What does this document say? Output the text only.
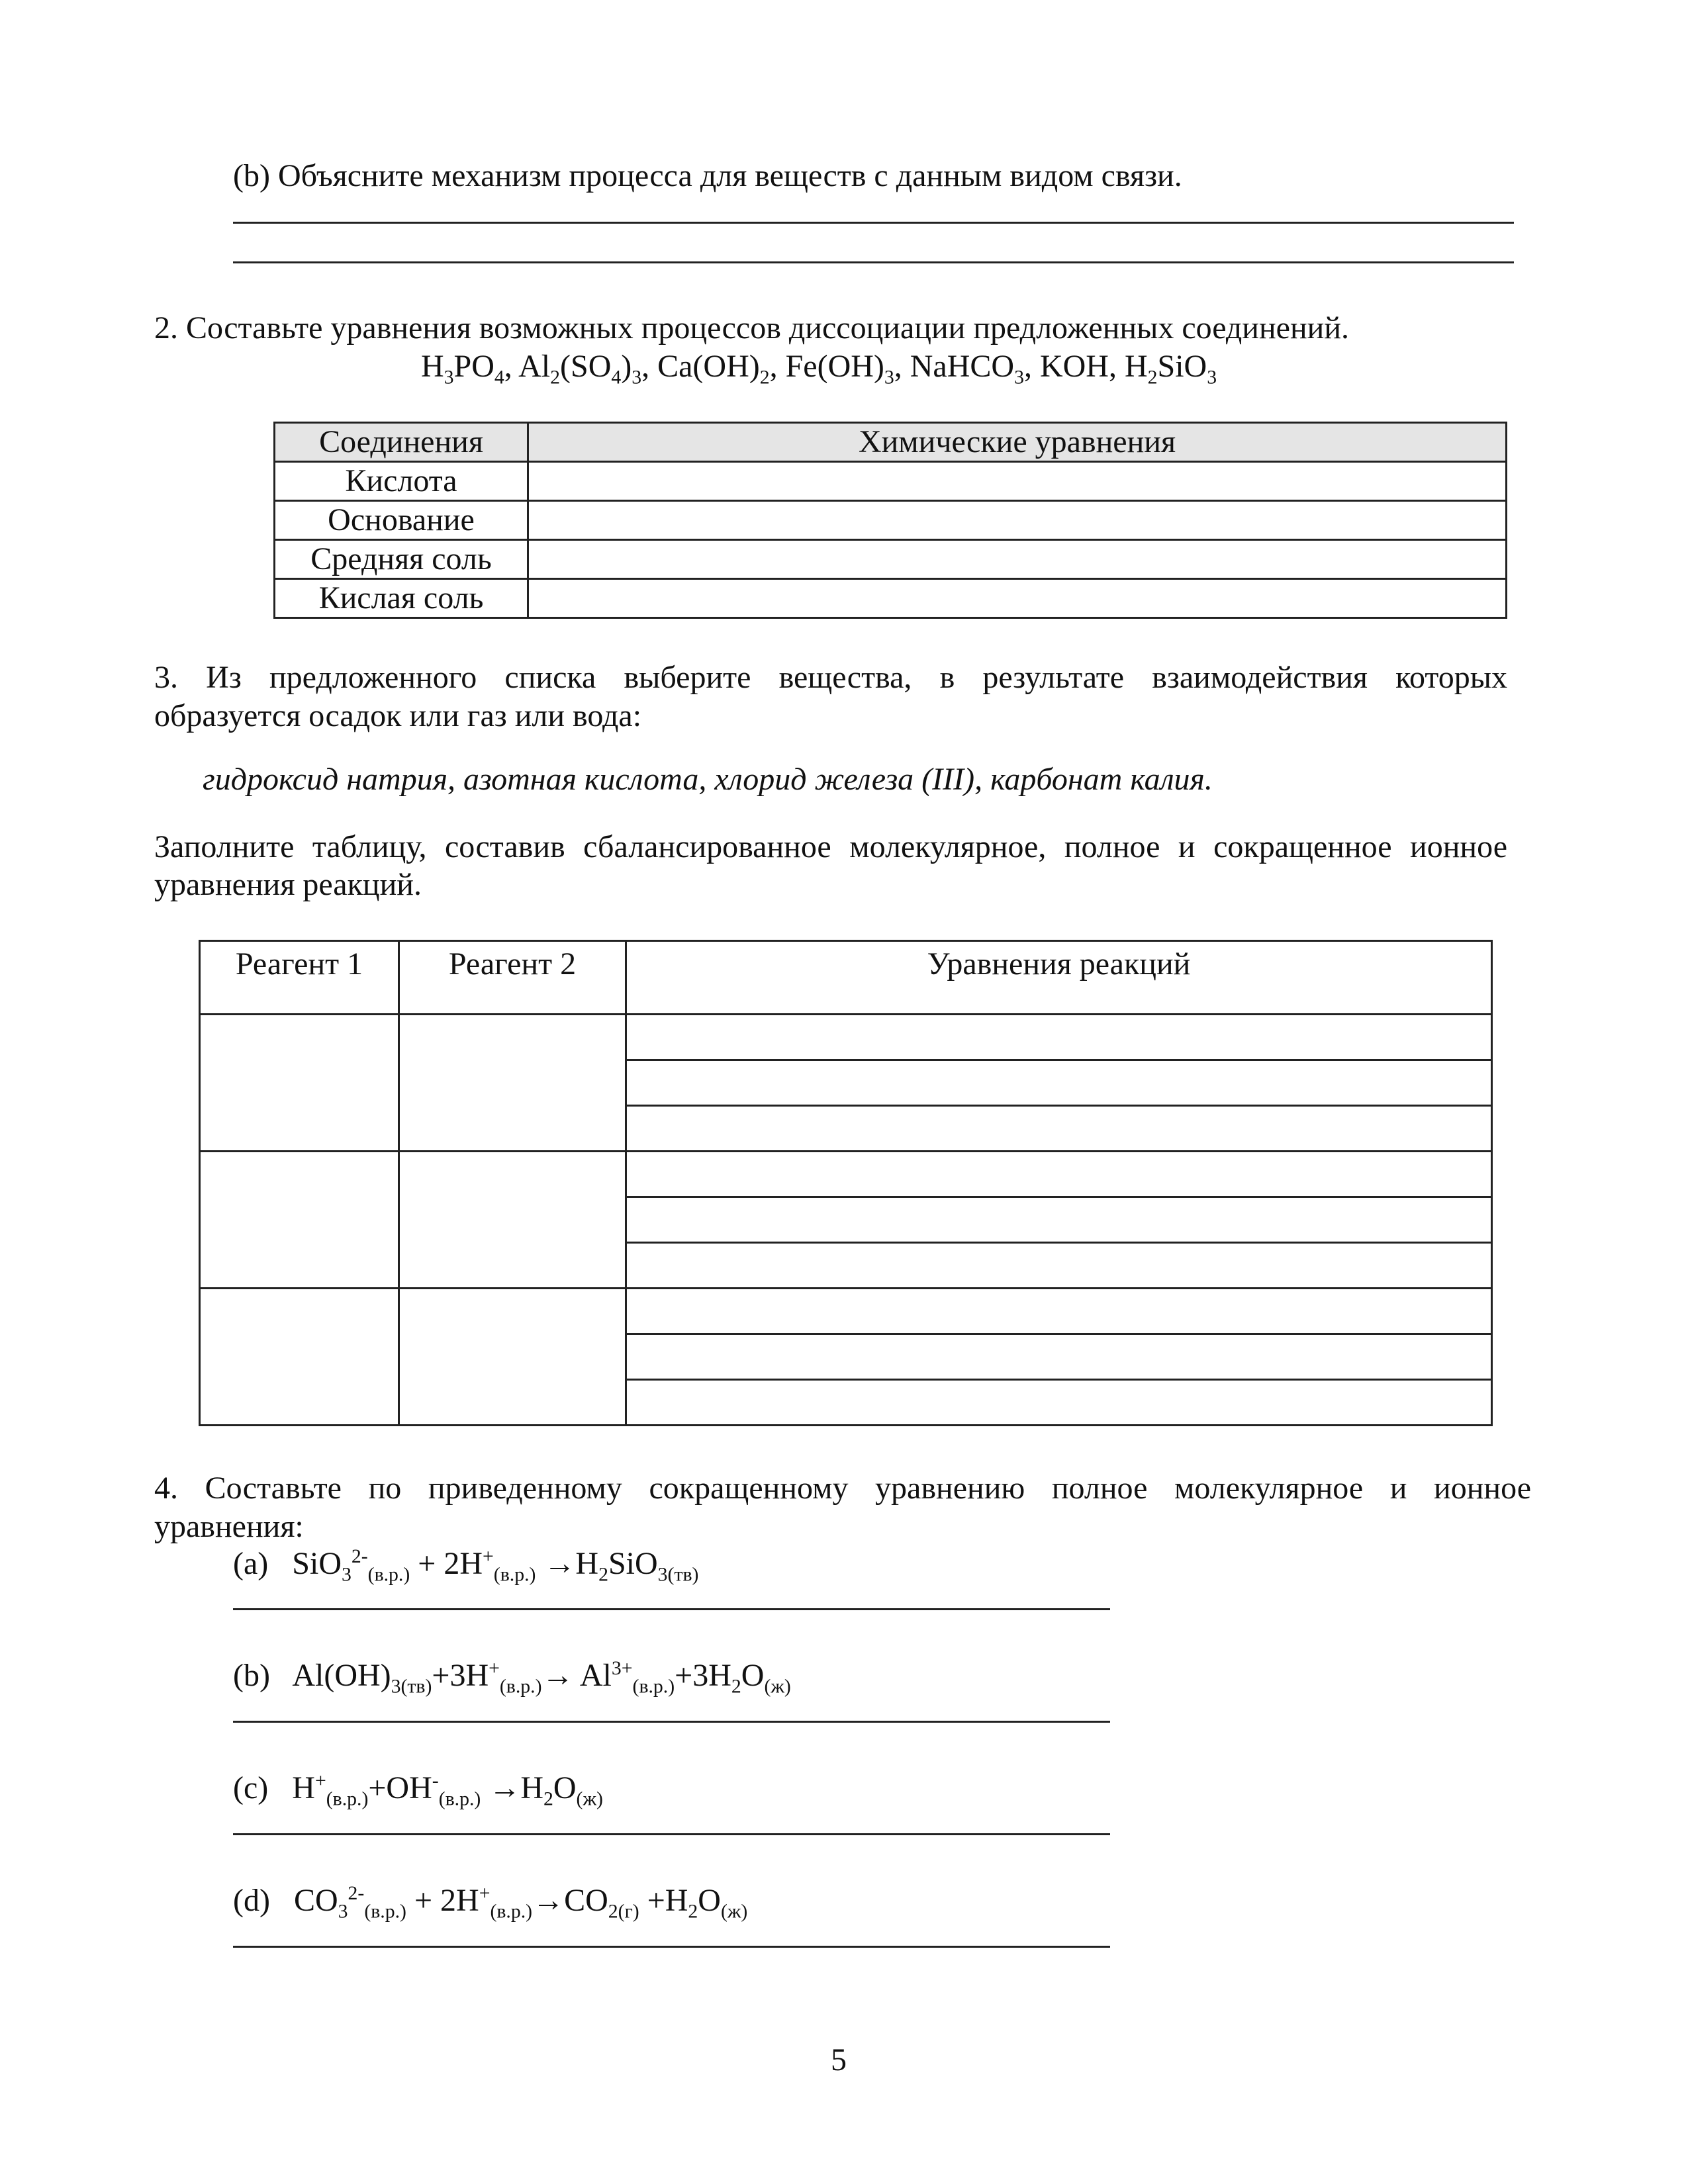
(b) Объясните механизм процесса для веществ с данным видом связи.
2. Составьте уравнения возможных процессов диссоциации предложенных соединений.
$H_3PO_4$, $Al_2(SO_4)_3$, $Ca(OH)_2$, $Fe(OH)_3$, NaHCO$_3$, KOH, $H_2SiO_3$
Соединения	Химические уравнения
Кислота	
Основание	
Средняя соль	
Кислая соль	
3. Из предложенного списка выберите вещества, в результате взаимодействия которых
образуется осадок или газ или вода:
гидроксид натрия, азотная кислота, хлорид железа (III), карбонат калия.
Заполните таблицу, составив сбалансированное молекулярное, полное и сокращенное ионное
уравнения реакций.
Реагент 1	Реагент 2	Уравнения реакций

4. Составьте по приведенному сокращенному уравнению полное молекулярное и ионное
уравнения:
(a) $SiO_3^{2-}_{(в.р.)} + 2H^+_{(в.р.)} \to H_2SiO_{3(тв)}$
(b) $Al(OH)_{3(тв)}+3H^+_{(в.р.)}\to Al^{3+}_{(в.р.)}+3H_2O_{(ж)}$
(c) $H^+_{(в.р.)}+OH^-_{(в.р.)} \to H_2O_{(ж)}$
(d) $CO_3^{2-}_{(в.р.)} + 2H^+_{(в.р.)}\to CO_{2(г)} +H_2O_{(ж)}$
5
